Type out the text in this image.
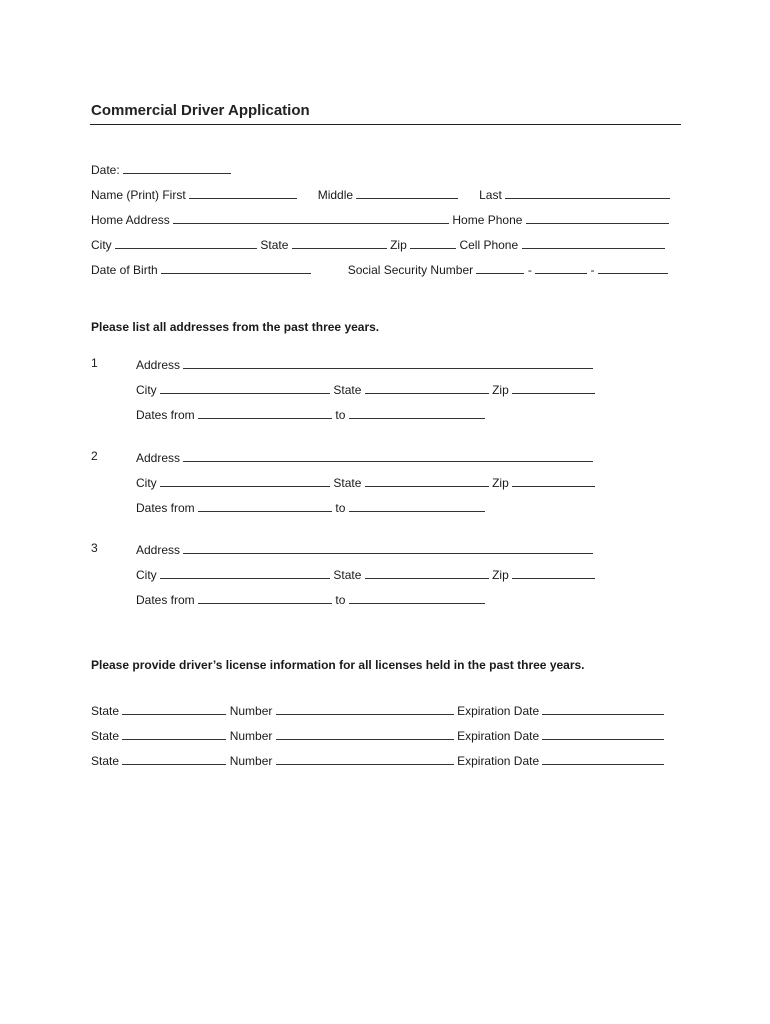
Commercial Driver Application
Date:
Name (Print) First	Middle	Last
Home Address	Home Phone
City	State	Zip	Cell Phone
Date of Birth	Social Security Number	-	-
Please list all addresses from the past three years.
1	Address
City	State	Zip
Dates from	to
2	Address
City	State	Zip
Dates from	to
3	Address
City	State	Zip
Dates from	to
Please provide driver’s license information for all licenses held in the past three years.
State	Number	Expiration Date
State	Number	Expiration Date
State	Number	Expiration Date
